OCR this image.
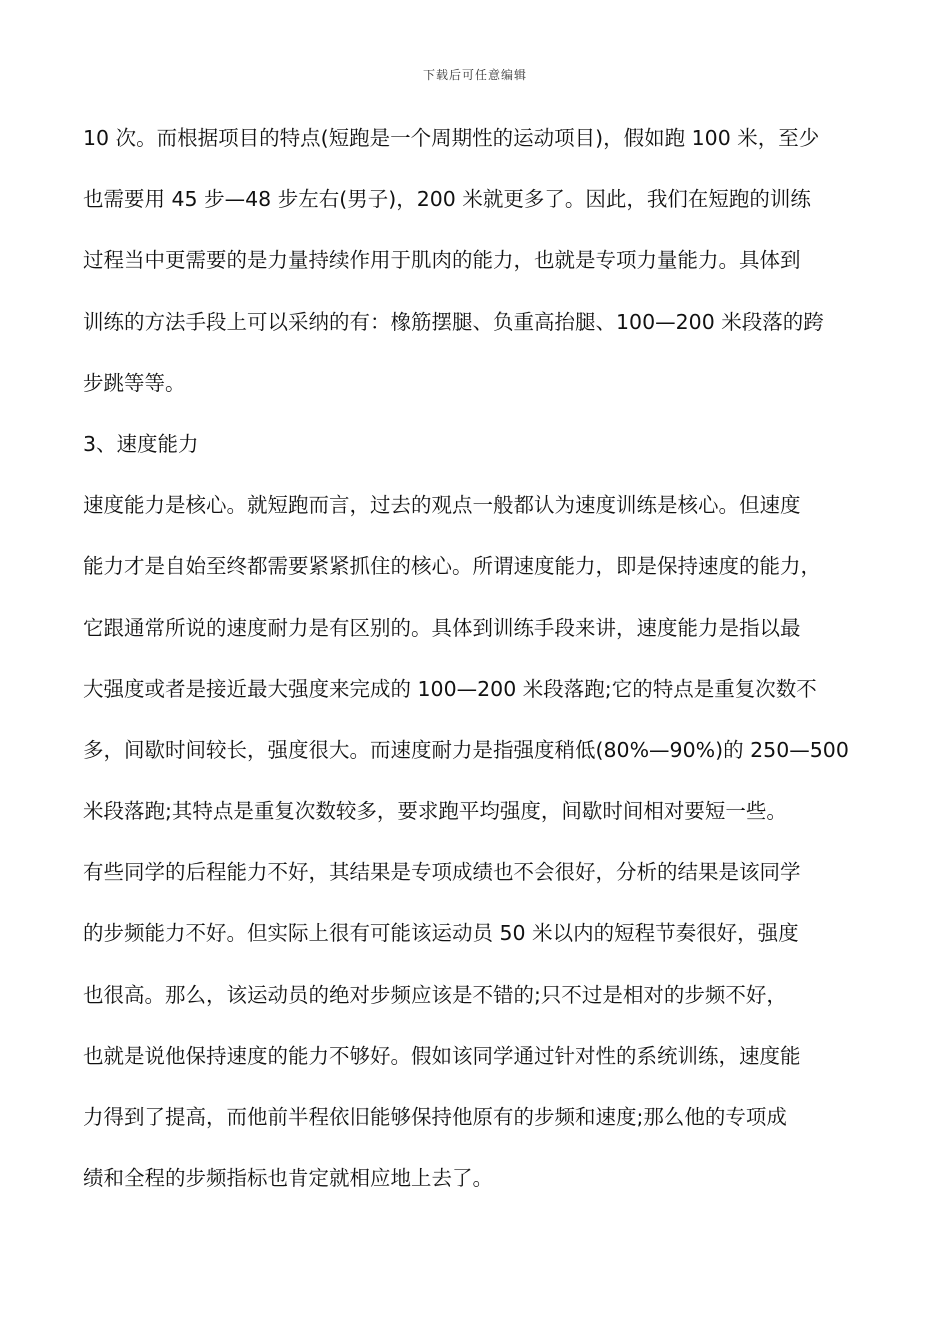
下载后可任意编辑
10 次。而根据项目的特点(短跑是一个周期性的运动项目)，假如跑 100 米，至少
也需要用 45 步—48 步左右(男子)，200 米就更多了。因此，我们在短跑的训练
过程当中更需要的是力量持续作用于肌肉的能力，也就是专项力量能力。具体到
训练的方法手段上可以采纳的有：橡筋摆腿、负重高抬腿、100—200 米段落的跨
步跳等等。
3、速度能力
速度能力是核心。就短跑而言，过去的观点一般都认为速度训练是核心。但速度
能力才是自始至终都需要紧紧抓住的核心。所谓速度能力，即是保持速度的能力，
它跟通常所说的速度耐力是有区别的。具体到训练手段来讲，速度能力是指以最
大强度或者是接近最大强度来完成的 100—200 米段落跑;它的特点是重复次数不
多，间歇时间较长，强度很大。而速度耐力是指强度稍低(80%—90%)的 250—500
米段落跑;其特点是重复次数较多，要求跑平均强度，间歇时间相对要短一些。
有些同学的后程能力不好，其结果是专项成绩也不会很好，分析的结果是该同学
的步频能力不好。但实际上很有可能该运动员 50 米以内的短程节奏很好，强度
也很高。那么，该运动员的绝对步频应该是不错的;只不过是相对的步频不好，
也就是说他保持速度的能力不够好。假如该同学通过针对性的系统训练，速度能
力得到了提高，而他前半程依旧能够保持他原有的步频和速度;那么他的专项成
绩和全程的步频指标也肯定就相应地上去了。
